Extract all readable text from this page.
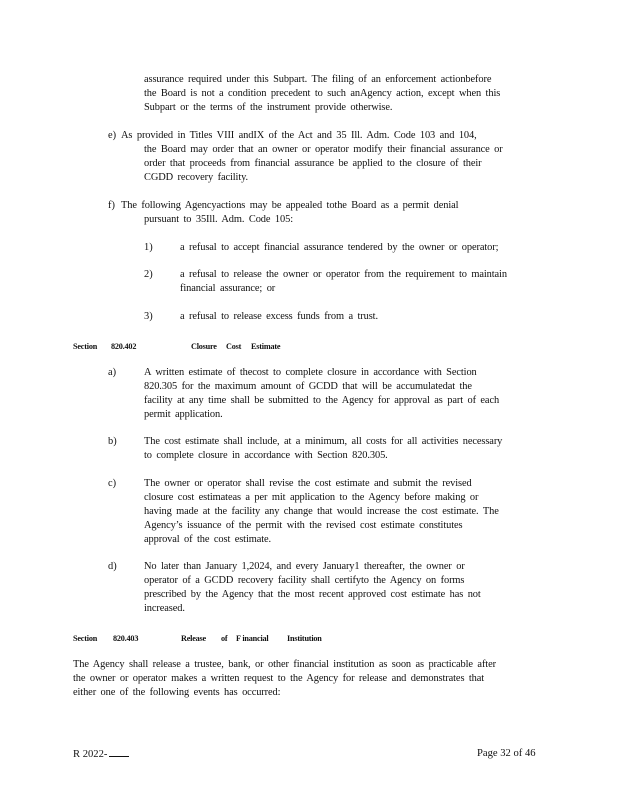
assurance required under this Subpart. The filing of an enforcement actionbefore
the Board is not a condition precedent to such anAgency action, except when this
Subpart or the terms of the instrument provide otherwise.
e) As provided in Titles VIII andIX of the Act and 35 Ill. Adm. Code 103 and 104,
the Board may order that an owner or operator modify their financial assurance or
order that proceeds from financial assurance be applied to the closure of their
CGDD recovery facility.
f) The following Agencyactions may be appealed tothe Board as a permit denial
pursuant to 35Ill. Adm. Code 105:
1)	a refusal to accept financial assurance tendered by the owner or operator;
2)	a refusal to release the owner or operator from the requirement to maintain
financial assurance; or
3)	a refusal to release excess funds from a trust.
Section 820.402	Closure Cost Estimate
a)	A written estimate of thecost to complete closure in accordance with Section
820.305 for the maximum amount of GCDD that will be accumulatedat the
facility at any time shall be submitted to the Agency for approval as part of each
permit application.
b)	The cost estimate shall include, at a minimum, all costs for all activities necessary
to complete closure in accordance with Section 820.305.
c)	The owner or operator shall revise the cost estimate and submit the revised
closure cost estimateas a per mit application to the Agency before making or
having made at the facility any change that would increase the cost estimate. The
Agency’s issuance of the permit with the revised cost estimate constitutes
approval of the cost estimate.
d)	No later than January 1,2024, and every January1 thereafter, the owner or
operator of a GCDD recovery facility shall certifyto the Agency on forms
prescribed by the Agency that the most recent approved cost estimate has not
increased.
Section 820.403	Release of F inancial Institution
The Agency shall release a trustee, bank, or other financial institution as soon as practicable after
the owner or operator makes a written request to the Agency for release and demonstrates that
either one of the following events has occurred:
R 2022-	Page 32 of 46
